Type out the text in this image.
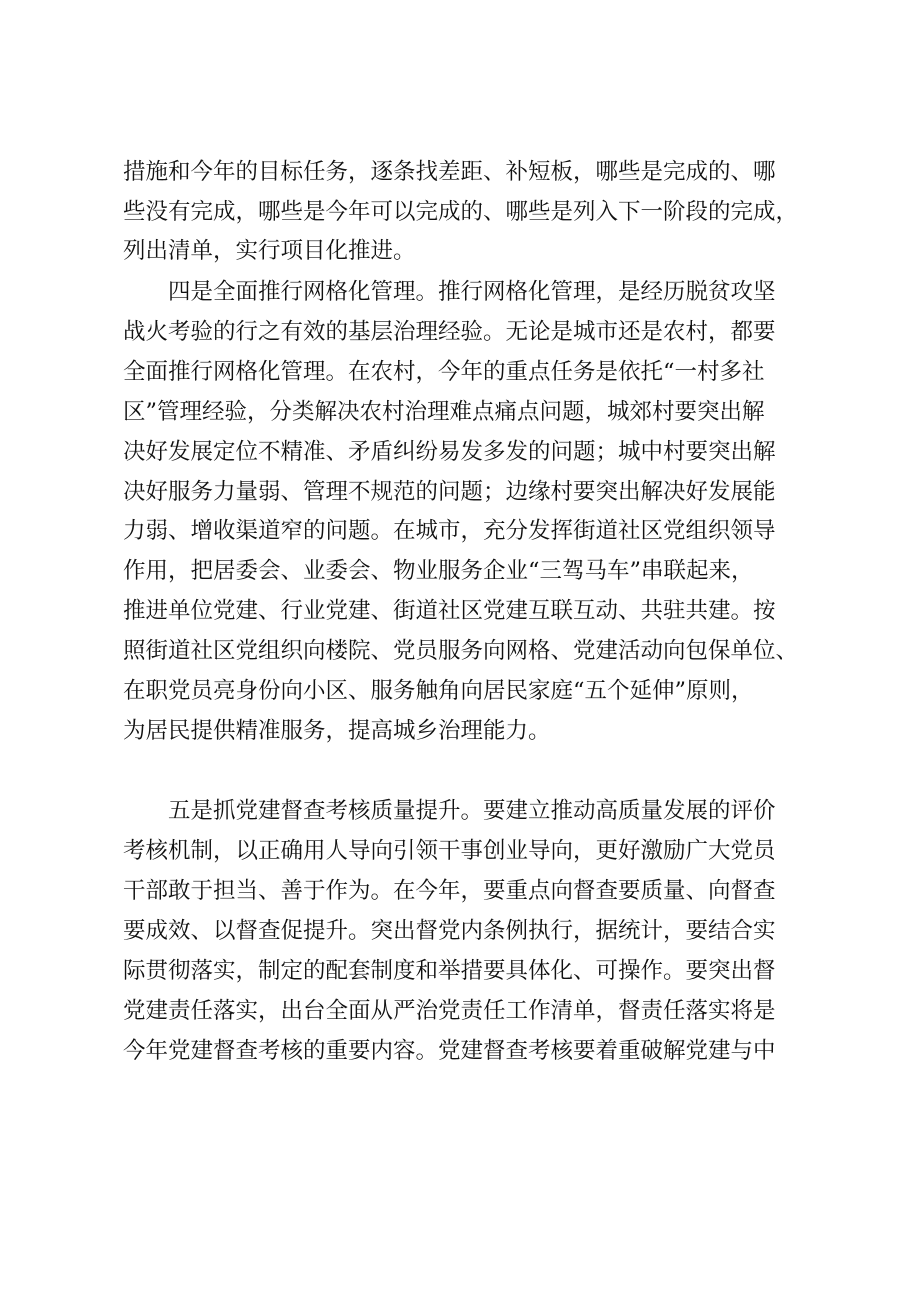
措施和今年的目标任务，逐条找差距、补短板，哪些是完成的、哪
些没有完成，哪些是今年可以完成的、哪些是列入下一阶段的完成，
列出清单，实行项目化推进。
四是全面推行网格化管理。推行网格化管理，是经历脱贫攻坚
战火考验的行之有效的基层治理经验。无论是城市还是农村，都要
全面推行网格化管理。在农村，今年的重点任务是依托“一村多社
区”管理经验，分类解决农村治理难点痛点问题，城郊村要突出解
决好发展定位不精准、矛盾纠纷易发多发的问题；城中村要突出解
决好服务力量弱、管理不规范的问题；边缘村要突出解决好发展能
力弱、增收渠道窄的问题。在城市，充分发挥街道社区党组织领导
作用，把居委会、业委会、物业服务企业“三驾马车”串联起来，
推进单位党建、行业党建、街道社区党建互联互动、共驻共建。按
照街道社区党组织向楼院、党员服务向网格、党建活动向包保单位、
在职党员亮身份向小区、服务触角向居民家庭“五个延伸”原则，
为居民提供精准服务，提高城乡治理能力。
五是抓党建督查考核质量提升。要建立推动高质量发展的评价
考核机制，以正确用人导向引领干事创业导向，更好激励广大党员
干部敢于担当、善于作为。在今年，要重点向督查要质量、向督查
要成效、以督查促提升。突出督党内条例执行，据统计，要结合实
际贯彻落实，制定的配套制度和举措要具体化、可操作。要突出督
党建责任落实，出台全面从严治党责任工作清单，督责任落实将是
今年党建督查考核的重要内容。党建督查考核要着重破解党建与中
